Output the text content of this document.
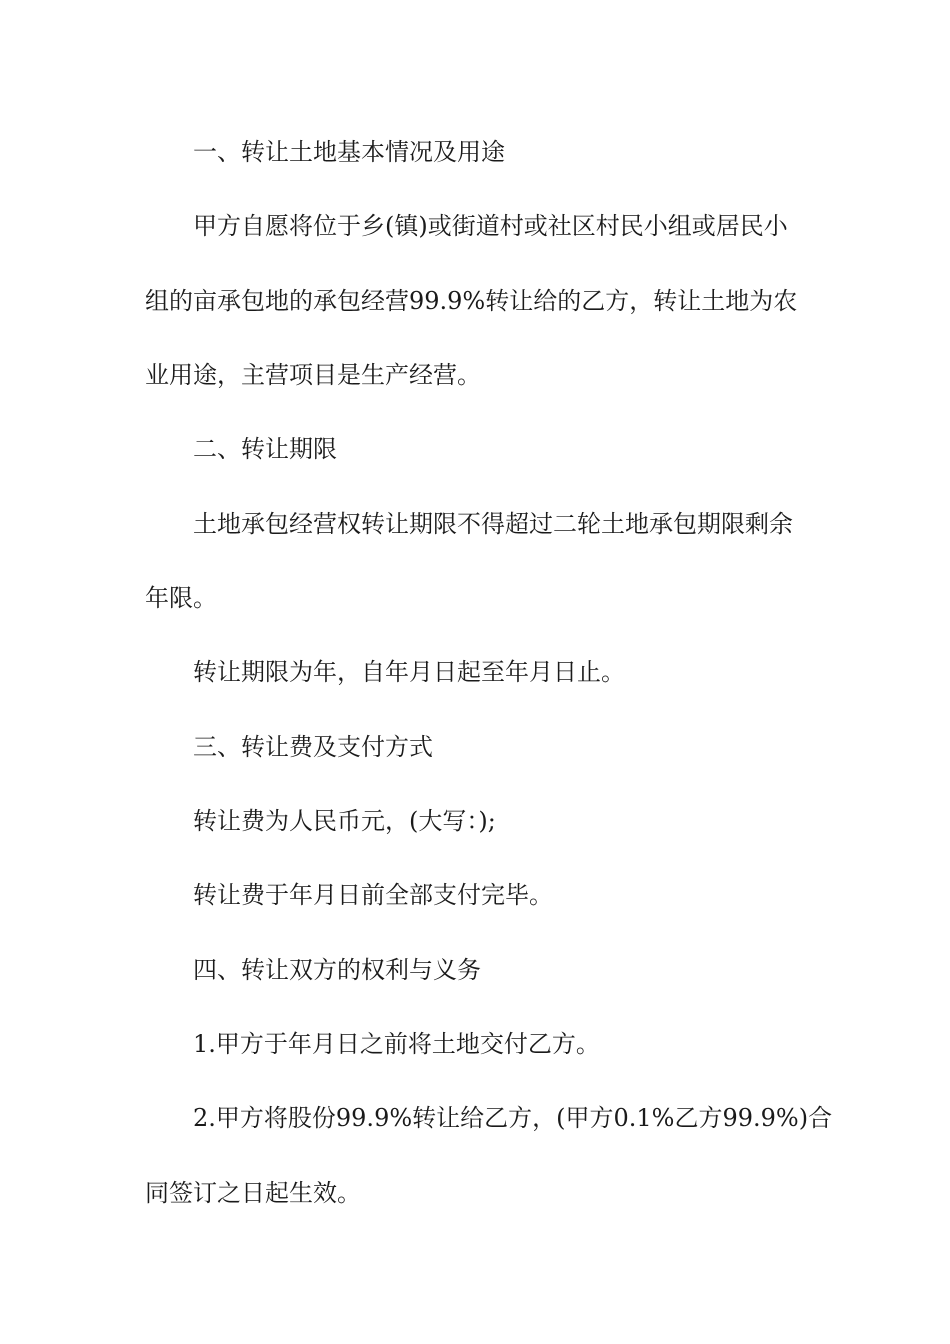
一、转让土地基本情况及用途
甲方自愿将位于乡(镇)或街道村或社区村民小组或居民小
组的亩承包地的承包经营99.9%转让给的乙方，转让土地为农
业用途，主营项目是生产经营。
二、转让期限
土地承包经营权转让期限不得超过二轮土地承包期限剩余
年限。
转让期限为年，自年月日起至年月日止。
三、转让费及支付方式
转让费为人民币元，(大写：);
转让费于年月日前全部支付完毕。
四、转让双方的权利与义务
1.甲方于年月日之前将土地交付乙方。
2.甲方将股份99.9%转让给乙方，(甲方0.1%乙方99.9%)合
同签订之日起生效。
